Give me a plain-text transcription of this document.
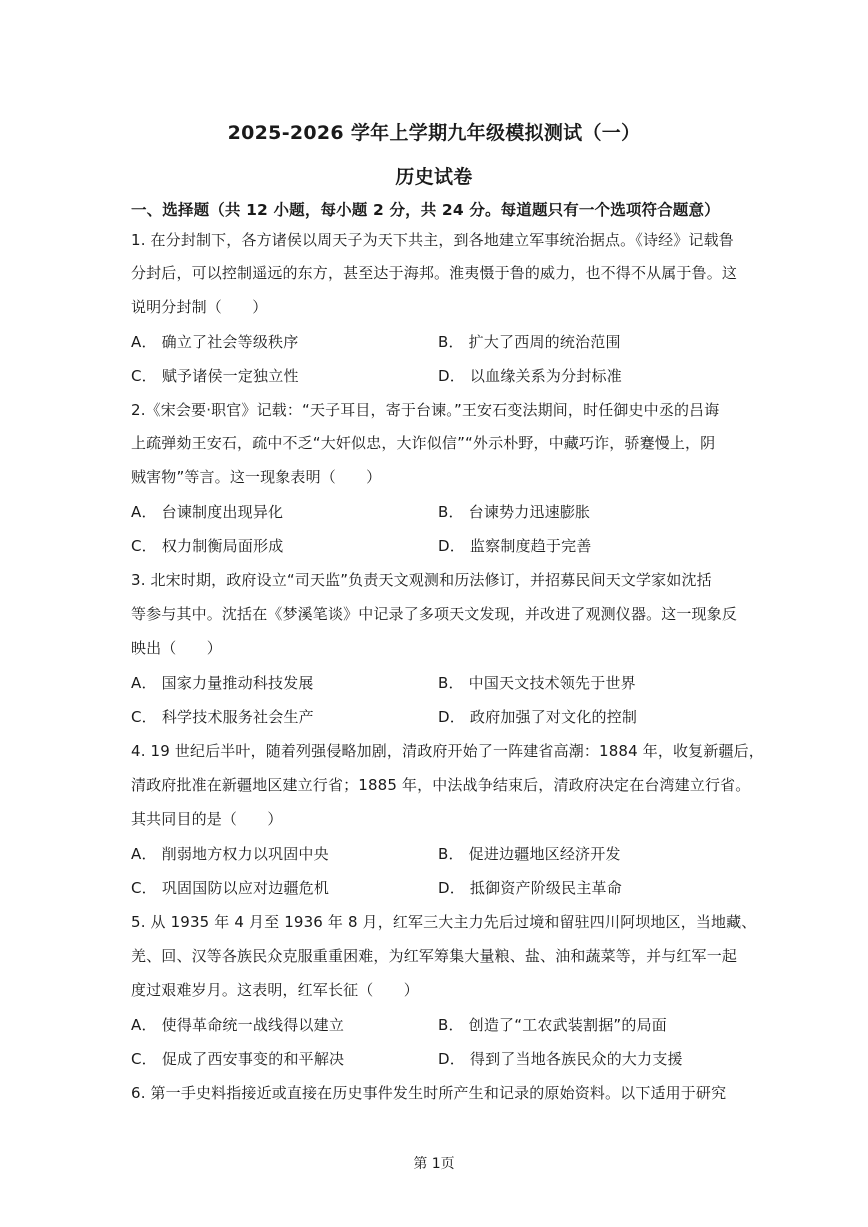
2025-2026 学年上学期九年级模拟测试（一）
历史试卷
一、选择题（共 12 小题，每小题 2 分，共 24 分。每道题只有一个选项符合题意）
1. 在分封制下，各方诸侯以周天子为天下共主，到各地建立军事统治据点。《诗经》记载鲁
分封后，可以控制遥远的东方，甚至达于海邦。淮夷慑于鲁的威力，也不得不从属于鲁。这
说明分封制（　　）
A． 确立了社会等级秩序	B． 扩大了西周的统治范围
C． 赋予诸侯一定独立性	D． 以血缘关系为分封标准
2.《宋会要·职官》记载：“天子耳目，寄于台谏。”王安石变法期间，时任御史中丞的吕诲
上疏弹劾王安石，疏中不乏“大奸似忠，大诈似信”“外示朴野，中藏巧诈，骄蹇慢上，阴
贼害物”等言。这一现象表明（　　）
A． 台谏制度出现异化	B． 台谏势力迅速膨胀
C． 权力制衡局面形成	D． 监察制度趋于完善
3. 北宋时期，政府设立“司天监”负责天文观测和历法修订，并招募民间天文学家如沈括
等参与其中。沈括在《梦溪笔谈》中记录了多项天文发现，并改进了观测仪器。这一现象反
映出（　　）
A． 国家力量推动科技发展	B． 中国天文技术领先于世界
C． 科学技术服务社会生产	D． 政府加强了对文化的控制
4. 19 世纪后半叶，随着列强侵略加剧，清政府开始了一阵建省高潮：1884 年，收复新疆后，
清政府批准在新疆地区建立行省；1885 年，中法战争结束后，清政府决定在台湾建立行省。
其共同目的是（　　）
A． 削弱地方权力以巩固中央	B． 促进边疆地区经济开发
C． 巩固国防以应对边疆危机	D． 抵御资产阶级民主革命
5. 从 1935 年 4 月至 1936 年 8 月，红军三大主力先后过境和留驻四川阿坝地区，当地藏、
羌、回、汉等各族民众克服重重困难，为红军筹集大量粮、盐、油和蔬菜等，并与红军一起
度过艰难岁月。这表明，红军长征（　　）
A． 使得革命统一战线得以建立	B． 创造了“工农武装割据”的局面
C． 促成了西安事变的和平解决	D． 得到了当地各族民众的大力支援
6. 第一手史料指接近或直接在历史事件发生时所产生和记录的原始资料。以下适用于研究
第 1页
